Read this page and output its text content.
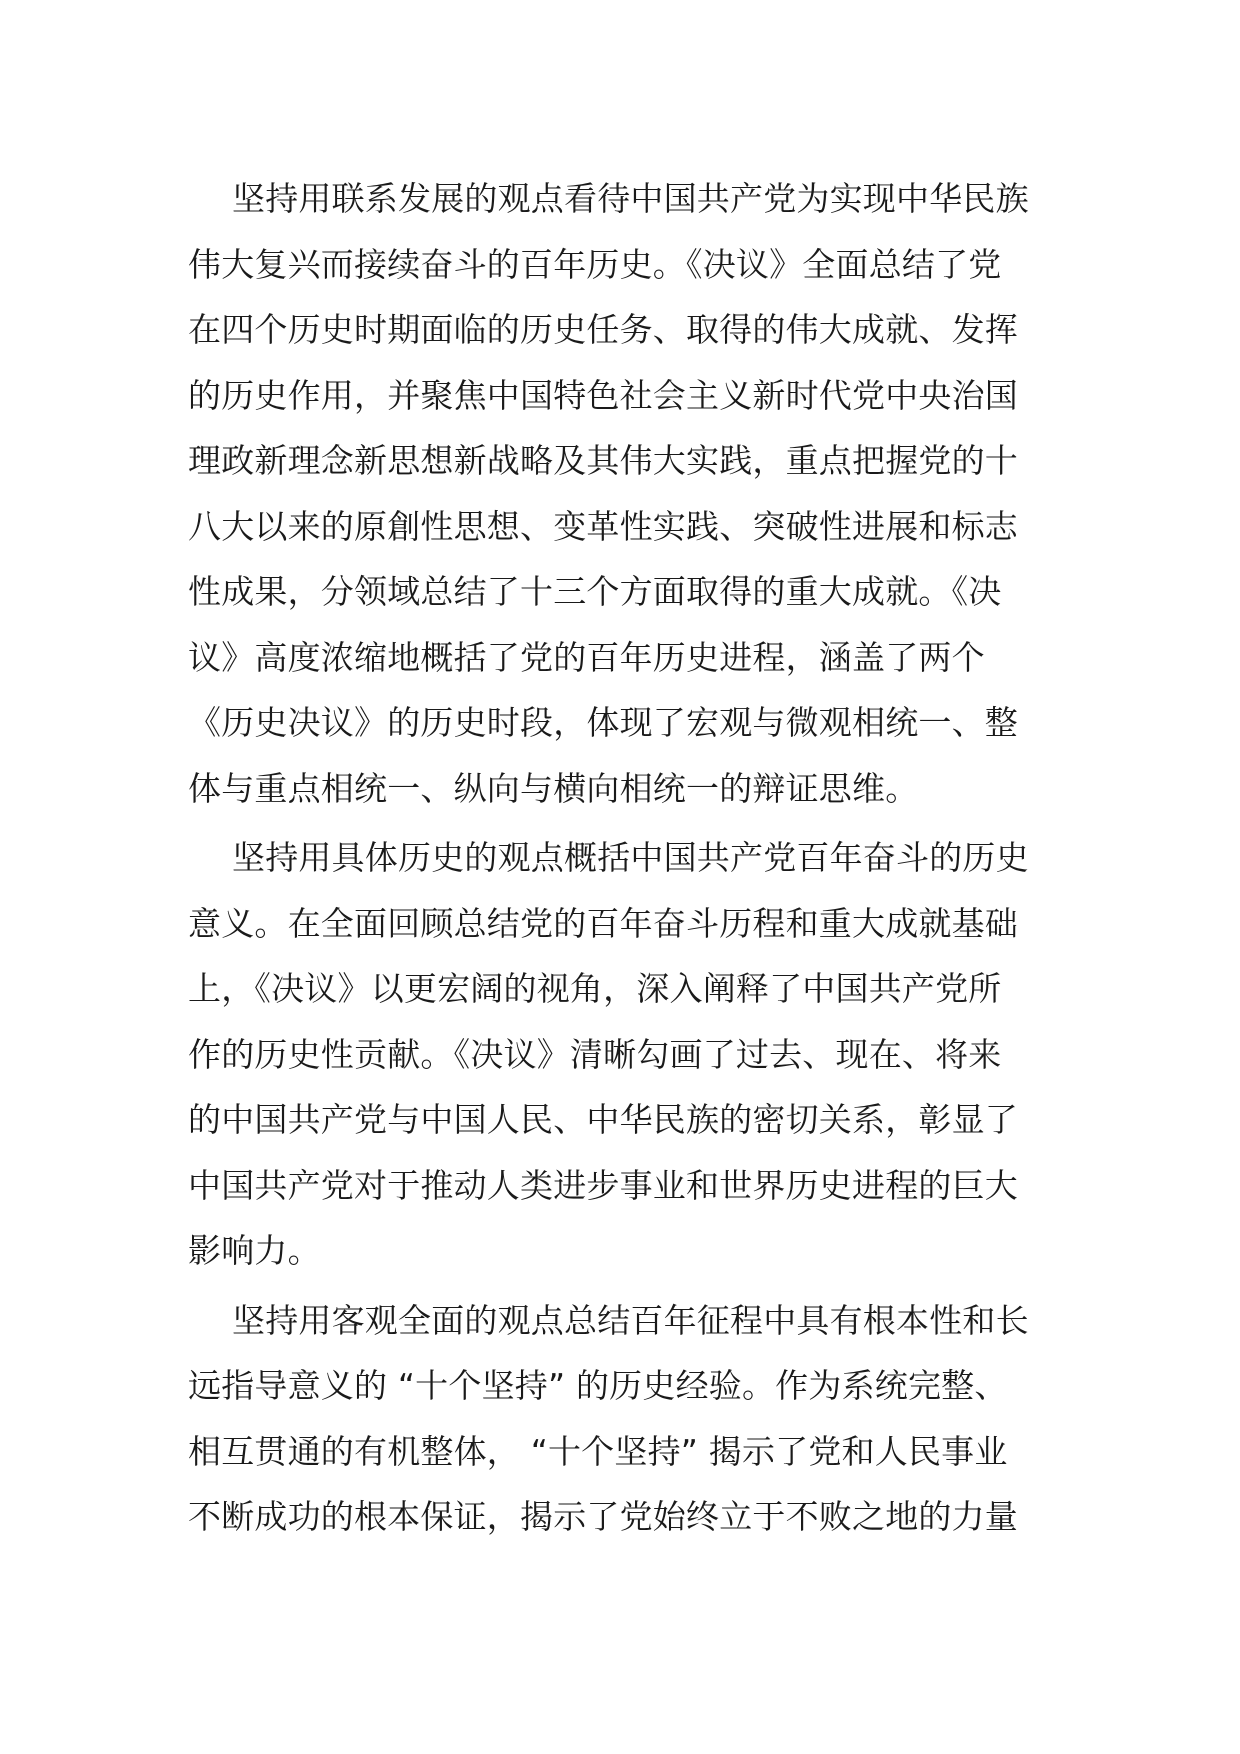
坚持用联系发展的观点看待中国共产党为实现中华民族
伟大复兴而接续奋斗的百年历史。《决议》全面总结了党
在四个历史时期面临的历史任务、取得的伟大成就、发挥
的历史作用，并聚焦中国特色社会主义新时代党中央治国
理政新理念新思想新战略及其伟大实践，重点把握党的十
八大以来的原創性思想、变革性实践、突破性进展和标志
性成果，分领域总结了十三个方面取得的重大成就。《决
议》高度浓缩地概括了党的百年历史进程，涵盖了两个
《历史决议》的历史时段，体现了宏观与微观相统一、整
体与重点相统一、纵向与横向相统一的辩证思维。
坚持用具体历史的观点概括中国共产党百年奋斗的历史
意义。在全面回顾总结党的百年奋斗历程和重大成就基础
上，《决议》以更宏阔的视角，深入阐释了中国共产党所
作的历史性贡献。《决议》清晰勾画了过去、现在、将来
的中国共产党与中国人民、中华民族的密切关系，彰显了
中国共产党对于推动人类进步事业和世界历史进程的巨大
影响力。
坚持用客观全面的观点总结百年征程中具有根本性和长
远指导意义的 “十个坚持” 的历史经验。作为系统完整、
相互贯通的有机整体， “十个坚持” 揭示了党和人民事业
不断成功的根本保证，揭示了党始终立于不败之地的力量
